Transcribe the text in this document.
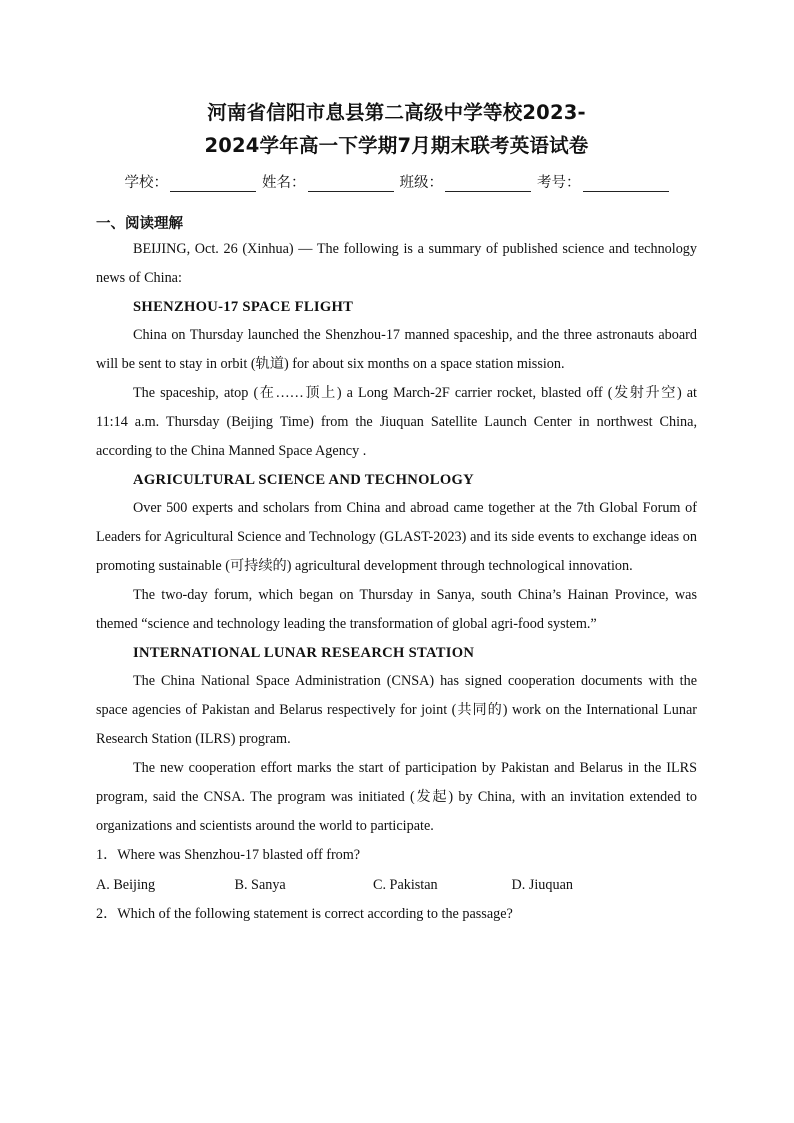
河南省信阳市息县第二高级中学等校2023-
2024学年高一下学期7月期末联考英语试卷
学校：	姓名：	班级：	考号：
一、阅读理解

BEIJING, Oct. 26 (Xinhua) — The following is a summary of published science and technology news of China:

SHENZHOU-17 SPACE FLIGHT

China on Thursday launched the Shenzhou-17 manned spaceship, and the three astronauts aboard will be sent to stay in orbit (轨道) for about six months on a space station mission.

The spaceship, atop (在……顶上) a Long March-2F carrier rocket, blasted off (发射升空) at 11:14 a.m. Thursday (Beijing Time) from the Jiuquan Satellite Launch Center in northwest China, according to the China Manned Space Agency .

AGRICULTURAL SCIENCE AND TECHNOLOGY

Over 500 experts and scholars from China and abroad came together at the 7th Global Forum of Leaders for Agricultural Science and Technology (GLAST-2023) and its side events to exchange ideas on promoting sustainable (可持续的) agricultural development through technological innovation.

The two-day forum, which began on Thursday in Sanya, south China’s Hainan Province, was themed “science and technology leading the transformation of global agri-food system.”

INTERNATIONAL LUNAR RESEARCH STATION

The China National Space Administration (CNSA) has signed cooperation documents with the space agencies of Pakistan and Belarus respectively for joint (共同的) work on the International Lunar Research Station (ILRS) program.

The new cooperation effort marks the start of participation by Pakistan and Belarus in the ILRS program, said the CNSA. The program was initiated (发起) by China, with an invitation extended to organizations and scientists around the world to participate.

1．Where was Shenzhou-17 blasted off from?
A. Beijing	B. Sanya	C. Pakistan	D. Jiuquan
2．Which of the following statement is correct according to the passage?
